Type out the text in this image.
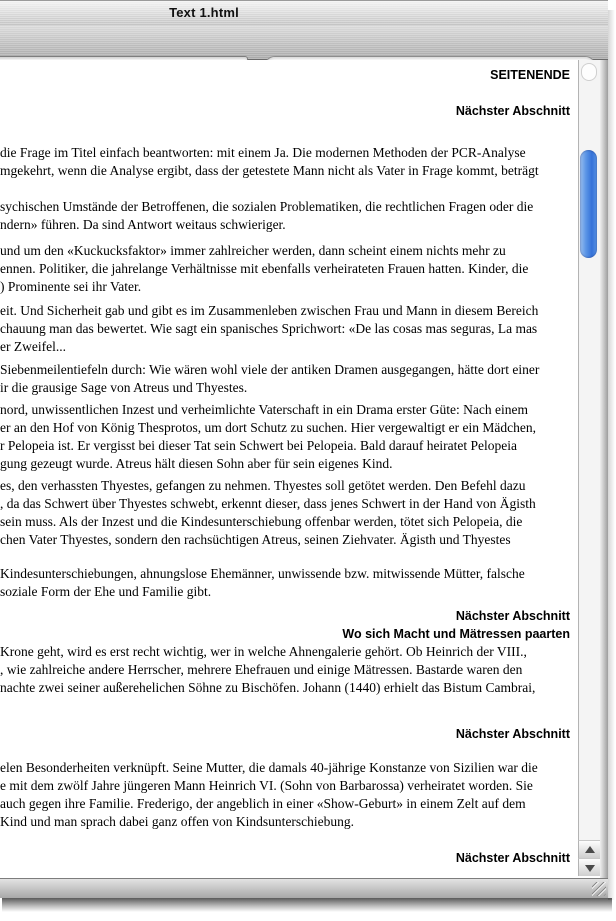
Text 1.html
/rodi/JOBS%202006/RT6_BUCH_081
Google
SEITENENDE
Nächster Abschnitt
die Frage im Titel einfach beantworten: mit einem Ja. Die modernen Methoden der PCR-Analyse
mgekehrt, wenn die Analyse ergibt, dass der getestete Mann nicht als Vater in Frage kommt, beträgt
sychischen Umstände der Betroffenen, die sozialen Problematiken, die rechtlichen Fragen oder die
ndern» führen. Da sind Antwort weitaus schwieriger.
und um den «Kuckucksfaktor» immer zahlreicher werden, dann scheint einem nichts mehr zu
ennen. Politiker, die jahrelange Verhältnisse mit ebenfalls verheirateten Frauen hatten. Kinder, die
) Prominente sei ihr Vater.
eit. Und Sicherheit gab und gibt es im Zusammenleben zwischen Frau und Mann in diesem Bereich
chauung man das bewertet. Wie sagt ein spanisches Sprichwort: «De las cosas mas seguras, La mas
er Zweifel...
Siebenmeilentiefeln durch: Wie wären wohl viele der antiken Dramen ausgegangen, hätte dort einer
ir die grausige Sage von Atreus und Thyestes.
nord, unwissentlichen Inzest und verheimlichte Vaterschaft in ein Drama erster Güte: Nach einem
er an den Hof von König Thesprotos, um dort Schutz zu suchen. Hier vergewaltigt er ein Mädchen,
r Pelopeia ist. Er vergisst bei dieser Tat sein Schwert bei Pelopeia. Bald darauf heiratet Pelopeia
gung gezeugt wurde. Atreus hält diesen Sohn aber für sein eigenes Kind.
es, den verhassten Thyestes, gefangen zu nehmen. Thyestes soll getötet werden. Den Befehl dazu
, da das Schwert über Thyestes schwebt, erkennt dieser, dass jenes Schwert in der Hand von Ägisth
sein muss. Als der Inzest und die Kindesunterschiebung offenbar werden, tötet sich Pelopeia, die
chen Vater Thyestes, sondern den rachsüchtigen Atreus, seinen Ziehvater. Ägisth und Thyestes
Kindesunterschiebungen, ahnungslose Ehemänner, unwissende bzw. mitwissende Mütter, falsche
soziale Form der Ehe und Familie gibt.
Nächster Abschnitt
Wo sich Macht und Mätressen paarten
Krone geht, wird es erst recht wichtig, wer in welche Ahnengalerie gehört. Ob Heinrich der VIII.,
, wie zahlreiche andere Herrscher, mehrere Ehefrauen und einige Mätressen. Bastarde waren den
nachte zwei seiner außerehelichen Söhne zu Bischöfen. Johann (1440) erhielt das Bistum Cambrai,
Nächster Abschnitt
elen Besonderheiten verknüpft. Seine Mutter, die damals 40-jährige Konstanze von Sizilien war die
e mit dem zwölf Jahre jüngeren Mann Heinrich VI. (Sohn von Barbarossa) verheiratet worden. Sie
auch gegen ihre Familie. Frederigo, der angeblich in einer «Show-Geburt» in einem Zelt auf dem
Kind und man sprach dabei ganz offen von Kindsunterschiebung.
Nächster Abschnitt
